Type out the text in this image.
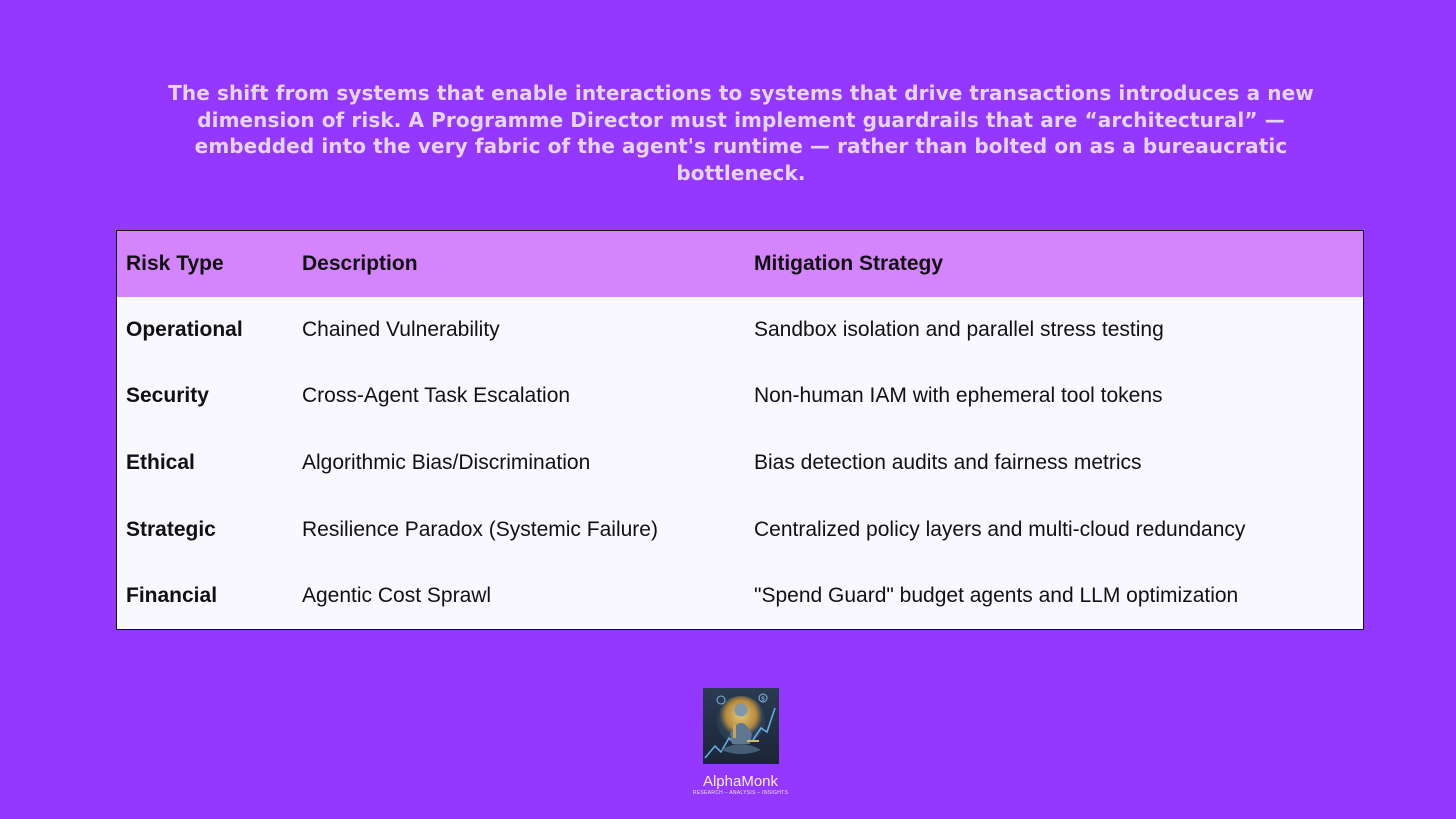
The shift from systems that enable interactions to systems that drive transactions introduces a new dimension of risk. A Programme Director must implement guardrails that are “architectural” — embedded into the very fabric of the agent's runtime — rather than bolted on as a bureaucratic bottleneck.

Risk Type	Description	Mitigation Strategy
Operational	Chained Vulnerability	Sandbox isolation and parallel stress testing
Security	Cross-Agent Task Escalation	Non-human IAM with ephemeral tool tokens
Ethical	Algorithmic Bias/Discrimination	Bias detection audits and fairness metrics
Strategic	Resilience Paradox (Systemic Failure)	Centralized policy layers and multi-cloud redundancy
Financial	Agentic Cost Sprawl	"Spend Guard" budget agents and LLM optimization
$
AlphaMonk
RESEARCH – ANALYSIS – INSIGHTS
